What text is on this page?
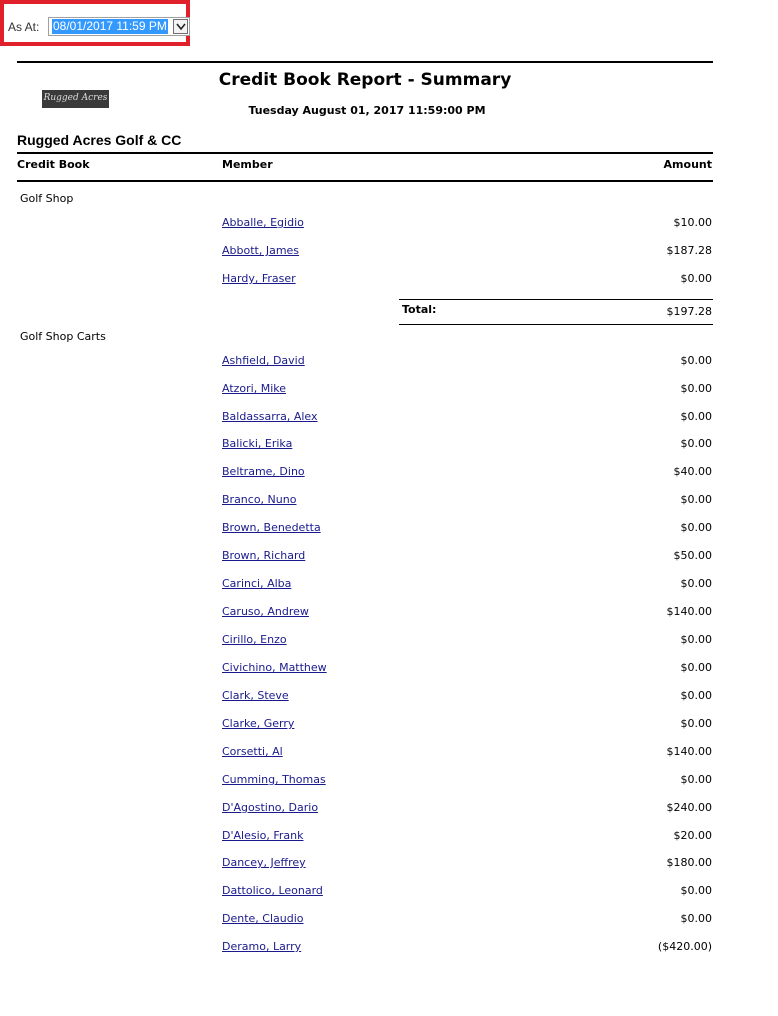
As At: 08/01/2017 11:59 PM
Rugged Acres
Credit Book Report - Summary
Tuesday August 01, 2017 11:59:00 PM
Rugged Acres Golf & CC
Credit Book	Member	Amount
Golf Shop
Abballe, Egidio	$10.00
Abbott, James	$187.28
Hardy, Fraser	$0.00
Total:	$197.28
Golf Shop Carts
Ashfield, David	$0.00
Atzori, Mike	$0.00
Baldassarra, Alex	$0.00
Balicki, Erika	$0.00
Beltrame, Dino	$40.00
Branco, Nuno	$0.00
Brown, Benedetta	$0.00
Brown, Richard	$50.00
Carinci, Alba	$0.00
Caruso, Andrew	$140.00
Cirillo, Enzo	$0.00
Civichino, Matthew	$0.00
Clark, Steve	$0.00
Clarke, Gerry	$0.00
Corsetti, Al	$140.00
Cumming, Thomas	$0.00
D'Agostino, Dario	$240.00
D'Alesio, Frank	$20.00
Dancey, Jeffrey	$180.00
Dattolico, Leonard	$0.00
Dente, Claudio	$0.00
Deramo, Larry	($420.00)
